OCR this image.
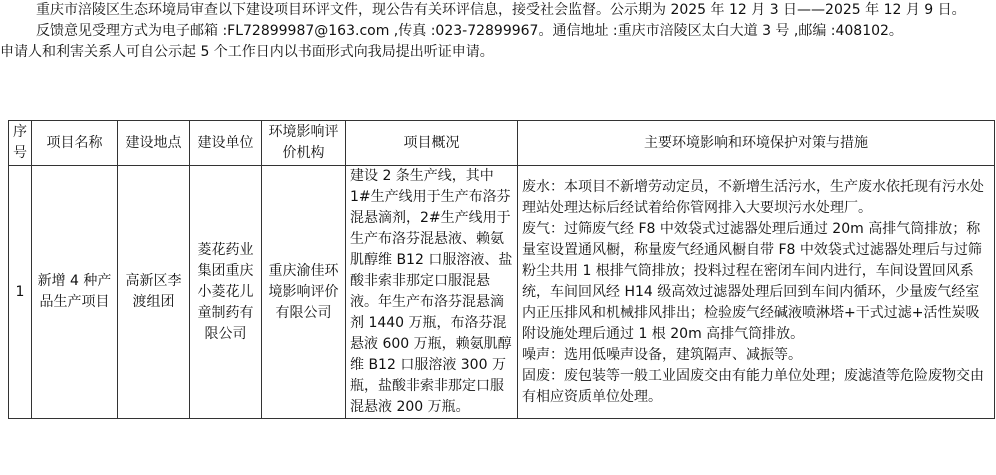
重庆市涪陵区生态环境局审查以下建设项目环评文件，现公告有关环评信息，接受社会监督。公示期为 2025 年 12 月 3 日——2025 年 12 月 9 日。

反馈意见受理方式为电子邮箱 :FL72899987@163.com ,传真 :023-72899967。通信地址 :重庆市涪陵区太白大道 3 号 ,邮编 :408102。

申请人和利害关系人可自公示起 5 个工作日内以书面形式向我局提出听证申请。

序号	项目名称	建设地点	建设单位	环境影响评价机构	项目概况	主要环境影响和环境保护对策与措施
1	新增 4 种产品生产项目	高新区李渡组团	菱花药业集团重庆小菱花儿童制药有限公司	重庆渝佳环境影响评价有限公司	建设 2 条生产线，其中 1#生产线用于生产布洛芬混悬滴剂，2#生产线用于生产布洛芬混悬液、赖氨肌醇维 B12 口服溶液、盐酸非索非那定口服混悬液。年生产布洛芬混悬滴剂 1440 万瓶，布洛芬混悬液 600 万瓶，赖氨肌醇维 B12 口服溶液 300 万瓶，盐酸非索非那定口服混悬液 200 万瓶。	废水：本项目不新增劳动定员，不新增生活污水，生产废水依托现有污水处理站处理达标后经试着给你管网排入大要坝污水处理厂。
废气：过筛废气经 F8 中效袋式过滤器处理后通过 20m 高排气筒排放；称量室设置通风橱，称量废气经通风橱自带 F8 中效袋式过滤器处理后与过筛粉尘共用 1 根排气筒排放；投料过程在密闭车间内进行，车间设置回风系统，车间回风经 H14 级高效过滤器处理后回到车间内循环，少量废气经室内正压排风和机械排风排出；检验废气经碱液喷淋塔+干式过滤+活性炭吸附设施处理后通过 1 根 20m 高排气筒排放。
噪声：选用低噪声设备，建筑隔声、减振等。
固废：废包装等一般工业固废交由有能力单位处理；废滤渣等危险废物交由有相应资质单位处理。
